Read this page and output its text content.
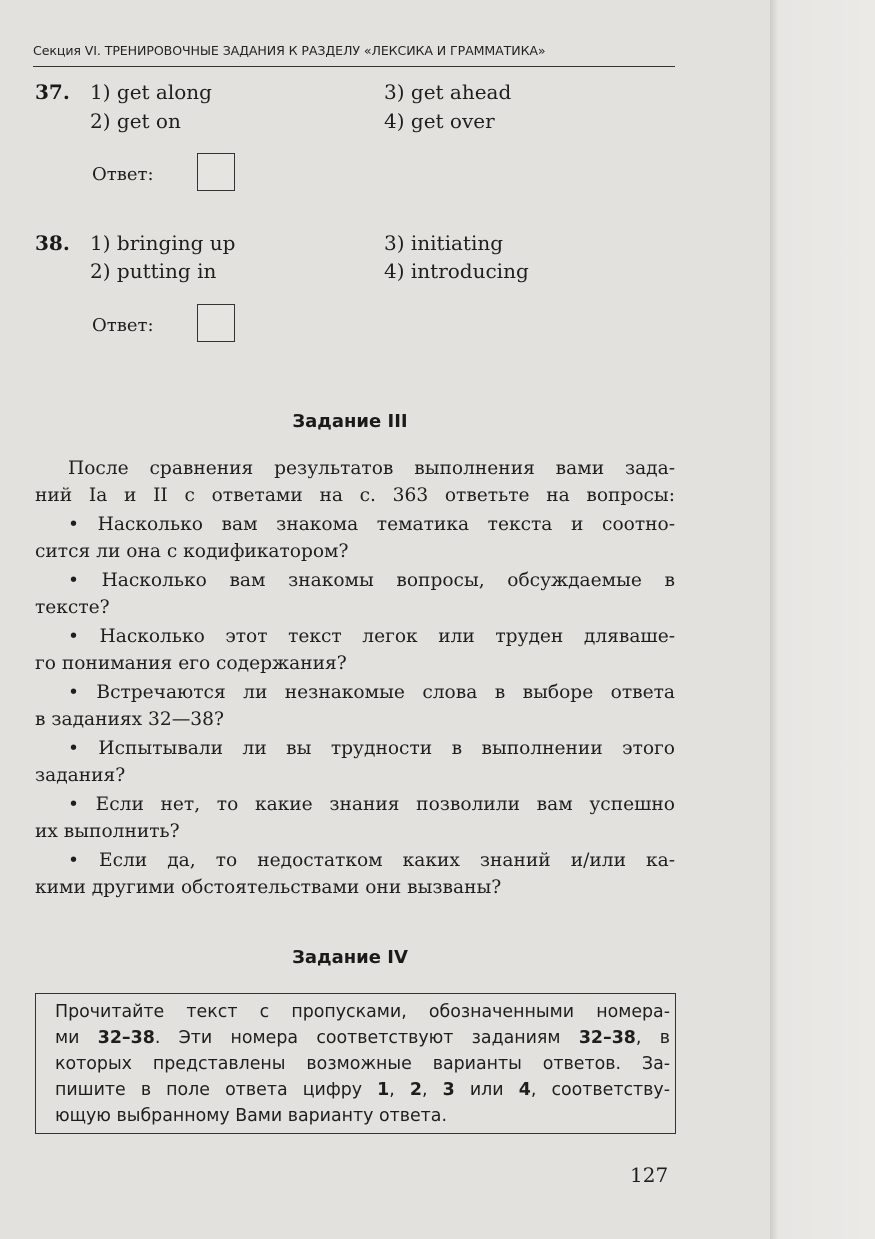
Секция VI. ТРЕНИРОВОЧНЫЕ ЗАДАНИЯ К РАЗДЕЛУ «ЛЕКСИКА И ГРАММАТИКА»
37. 1) get along
2) get on
3) get ahead
4) get over
Ответ:
38. 1) bringing up
2) putting in
3) initiating
4) introducing
Ответ:
Задание III
После сравнения результатов выполнения вами зада-
ний Ia и II с ответами на с. 363 ответьте на вопросы:
• Насколько вам знакома тематика текста и соотно-
сится ли она с кодификатором?
• Насколько вам знакомы вопросы, обсуждаемые в
тексте?
• Насколько этот текст легок или труден дляваше-
го понимания его содержания?
• Встречаются ли незнакомые слова в выборе ответа
в заданиях 32—38?
• Испытывали ли вы трудности в выполнении этого
задания?
• Если нет, то какие знания позволили вам успешно
их выполнить?
• Если да, то недостатком каких знаний и/или ка-
кими другими обстоятельствами они вызваны?
Задание IV
Прочитайте текст с пропусками, обозначенными номера-
ми 32–38. Эти номера соответствуют заданиям 32–38, в
которых представлены возможные варианты ответов. За-
пишите в поле ответа цифру 1, 2, 3 или 4, соответству-
ющую выбранному Вами варианту ответа.
127
